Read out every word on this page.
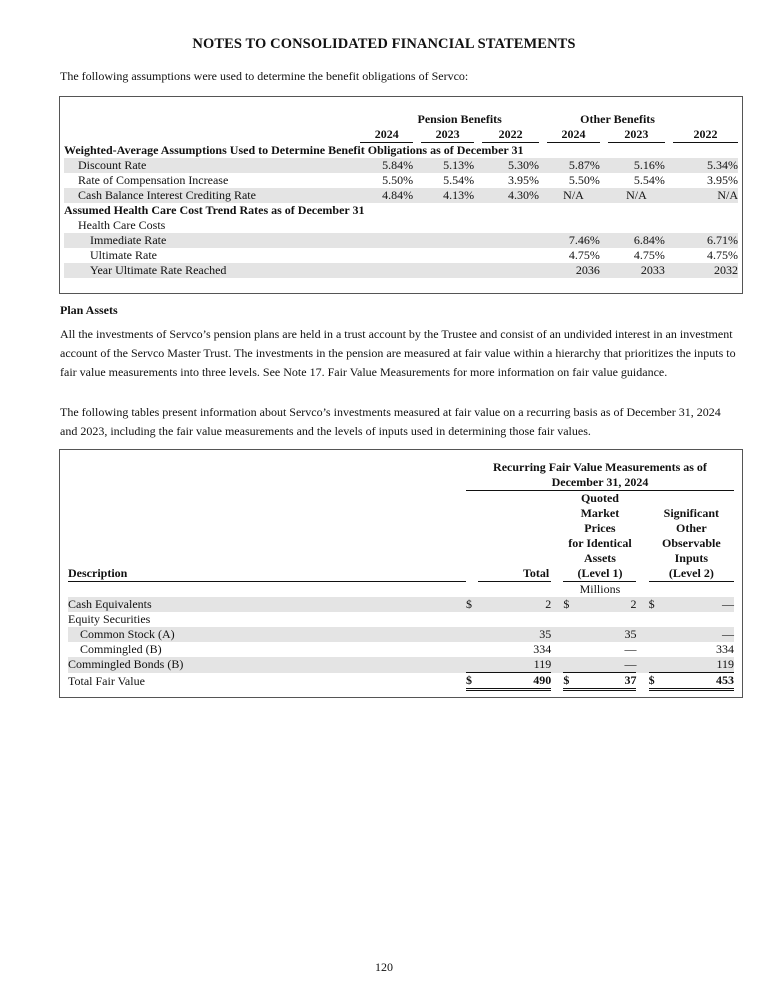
NOTES TO CONSOLIDATED FINANCIAL STATEMENTS
The following assumptions were used to determine the benefit obligations of Servco:
	Pension Benefits						Other Benefits				
	2024		2023		2022		2024		2023		2022
Weighted-Average Assumptions Used to Determine Benefit Obligations as of December 31											
Discount Rate	5.84%		5.13%		5.30%		5.87%		5.16%		5.34%
Rate of Compensation Increase	5.50%		5.54%		3.95%		5.50%		5.54%		3.95%
Cash Balance Interest Crediting Rate	4.84%		4.13%		4.30%		N/A		N/A		N/A
Assumed Health Care Cost Trend Rates as of December 31											
Health Care Costs											
Immediate Rate							7.46%		6.84%		6.71%
Ultimate Rate							4.75%		4.75%		4.75%
Year Ultimate Rate Reached							2036		2033		2032
Plan Assets
All the investments of Servco’s pension plans are held in a trust account by the Trustee and consist of an undivided interest in an investment account of the Servco Master Trust. The investments in the pension are measured at fair value within a hierarchy that prioritizes the inputs to fair value measurements into three levels. See Note 17. Fair Value Measurements for more information on fair value guidance.
The following tables present information about Servco’s investments measured at fair value on a recurring basis as of December 31, 2024 and 2023, including the fair value measurements and the levels of inputs used in determining those fair values.
	Recurring Fair Value Measurements as of							
	December 31, 2024							
				Quoted				
				Market			Significant	
				Prices			Other	
				for Identical			Observable	
				Assets			Inputs	
Description		Total		(Level 1)			(Level 2)	
				Millions				
Cash Equivalents	$	2		$	2		$	—
Equity Securities								
Common Stock (A)		35			35			—
Commingled (B)		334			—			334
Commingled Bonds (B)		119			—			119
Total Fair Value	$	490		$	37		$	453
120
